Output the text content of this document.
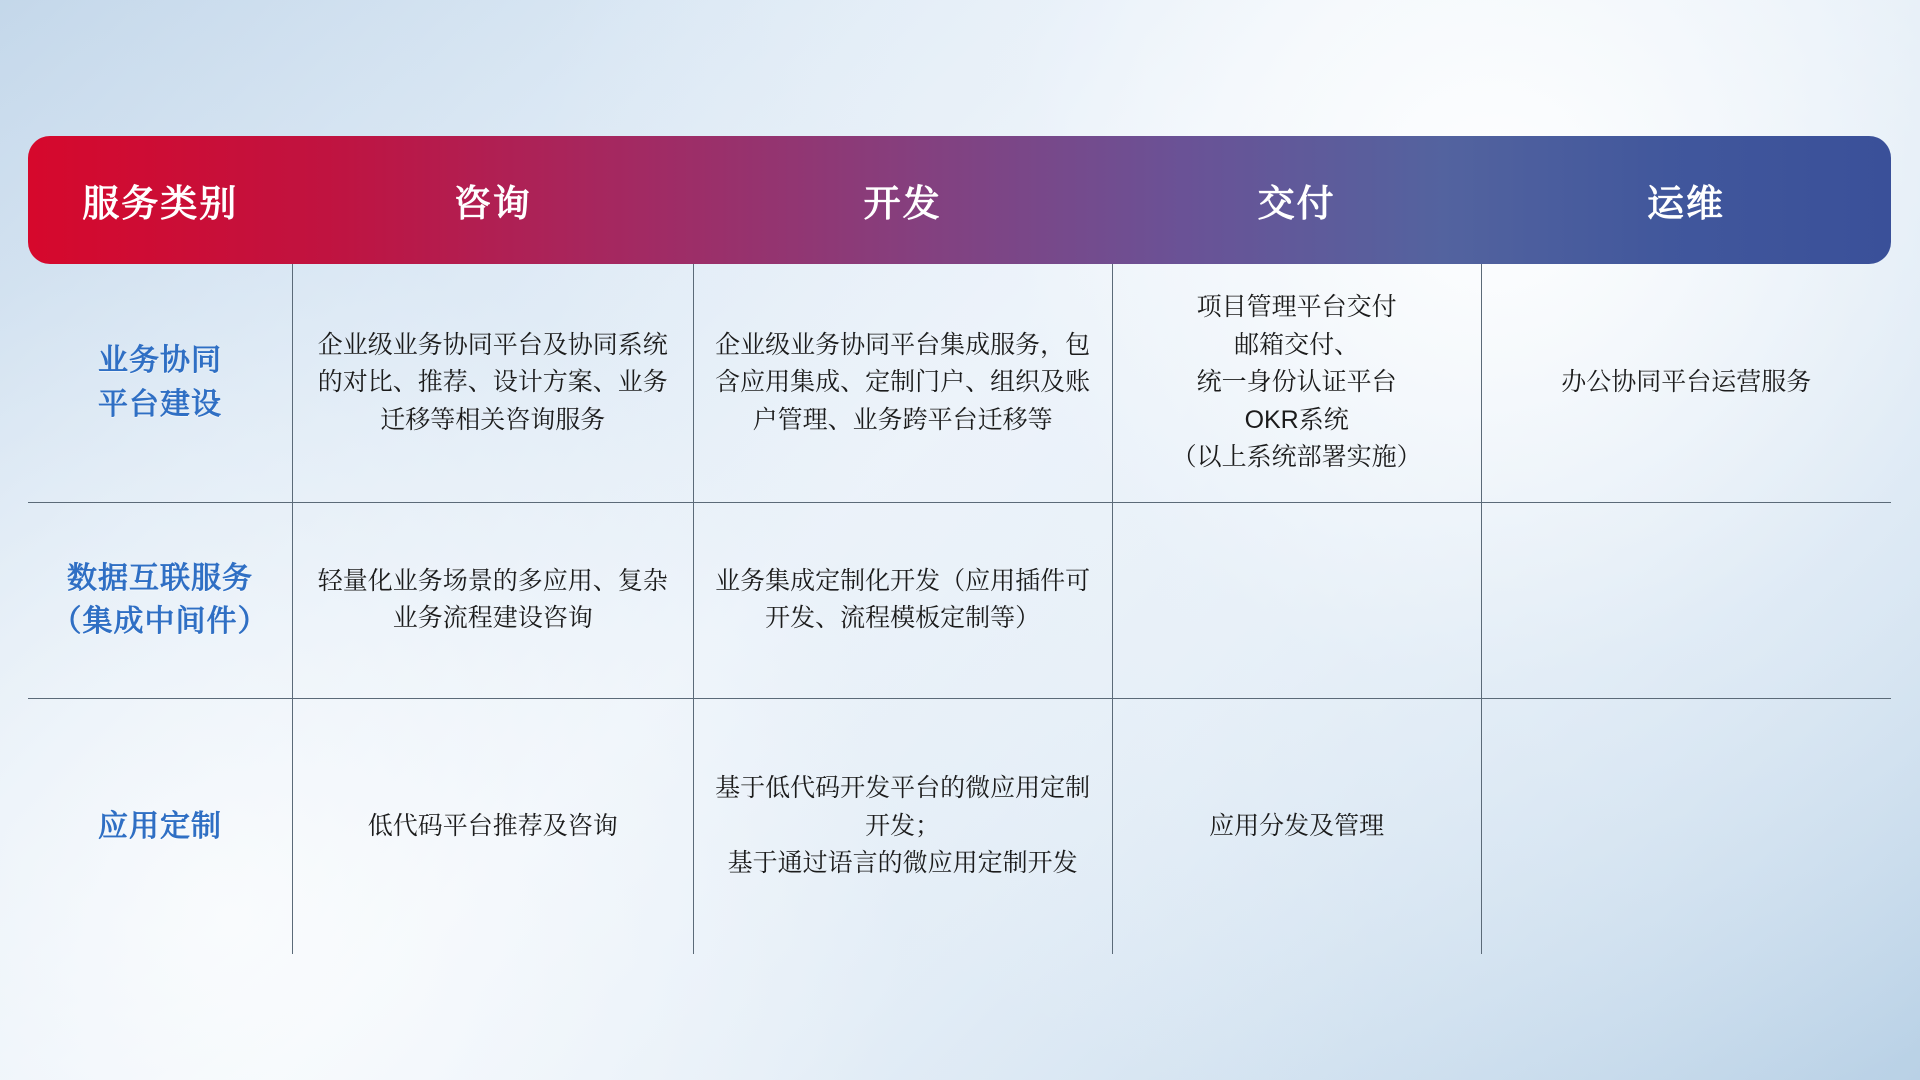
服务类别	咨询	开发	交付	运维

业务协同
平台建设	企业级业务协同平台及协同系统的对比、推荐、设计方案、业务迁移等相关咨询服务	企业级业务协同平台集成服务，包含应用集成、定制门户、组织及账户管理、业务跨平台迁移等	项目管理平台交付
邮箱交付、
统一身份认证平台
OKR系统
（以上系统部署实施）	办公协同平台运营服务

数据互联服务
（集成中间件）	轻量化业务场景的多应用、复杂业务流程建设咨询	业务集成定制化开发（应用插件可开发、流程模板定制等）		

应用定制	低代码平台推荐及咨询	基于低代码开发平台的微应用定制开发；
基于通过语言的微应用定制开发	应用分发及管理	
